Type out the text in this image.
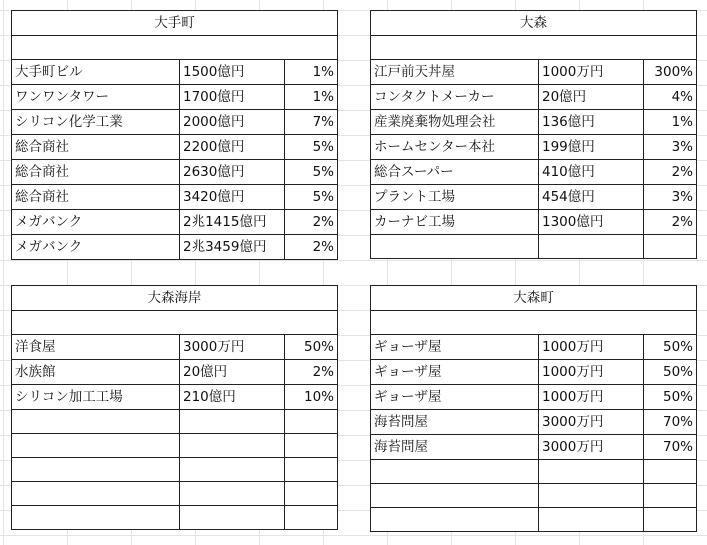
大手町		

大手町ビル	1500億円	1%
ワンワンタワー	1700億円	1%
シリコン化学工業	2000億円	7%
総合商社	2200億円	5%
総合商社	2630億円	5%
総合商社	3420億円	5%
メガバンク	2兆1415億円	2%
メガバンク	2兆3459億円	2%
大森		

江戸前天丼屋	1000万円	300%
コンタクトメーカー	20億円	4%
産業廃棄物処理会社	136億円	1%
ホームセンター本社	199億円	3%
総合スーパー	410億円	2%
プラント工場	454億円	3%
カーナビ工場	1300億円	2%

大森海岸		

洋食屋	3000万円	50%
水族館	20億円	2%
シリコン加工工場	210億円	10%

大森町		

ギョーザ屋	1000万円	50%
ギョーザ屋	1000万円	50%
ギョーザ屋	1000万円	50%
海苔問屋	3000万円	70%
海苔問屋	3000万円	70%
